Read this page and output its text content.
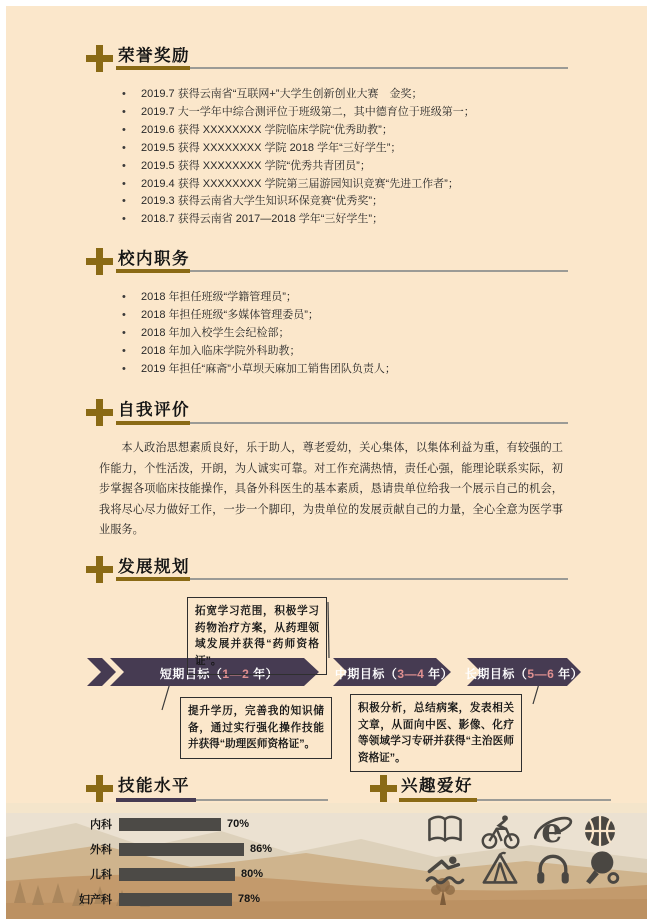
荣誉奖励
• 2019.7 获得云南省“互联网+”大学生创新创业大赛　金奖；
• 2019.7 大一学年中综合测评位于班级第二，其中德育位于班级第一；
• 2019.6 获得 XXXXXXXX 学院临床学院“优秀助教”；
• 2019.5 获得 XXXXXXXX 学院 2018 学年“三好学生”；
• 2019.5 获得 XXXXXXXX 学院“优秀共青团员”；
• 2019.4 获得 XXXXXXXX 学院第三届游园知识竞赛“先进工作者”；
• 2019.3 获得云南省大学生知识环保竞赛“优秀奖”；
• 2018.7 获得云南省 2017—2018 学年“三好学生”；
校内职务
• 2018 年担任班级“学籍管理员”；
• 2018 年担任班级“多媒体管理委员”；
• 2018 年加入校学生会纪检部；
• 2018 年加入临床学院外科助教；
• 2019 年担任“麻斋”小草坝天麻加工销售团队负责人；
自我评价

本人政治思想素质良好，乐于助人，尊老爱幼，关心集体，以集体利益为重，有较强的工作能力，个性活泼，开朗，为人诚实可靠。对工作充满热情，责任心强，能理论联系实际，初步掌握各项临床技能操作，具备外科医生的基本素质，恳请贵单位给我一个展示自己的机会，我将尽心尽力做好工作，一步一个脚印，为贵单位的发展贡献自己的力量，全心全意为医学事业服务。

发展规划
短期目标（1—2 年）	中期目标（3—4 年） 长期目标（5—6 年）
拓宽学习范围，积极学习药物治疗方案，从药理领域发展并获得“药师资格证”。
提升学历，完善我的知识储备，通过实行强化操作技能并获得“助理医师资格证”。
积极分析，总结病案，发表相关文章，从面向中医、影像、化疗等领域学习专研并获得“主治医师资格证”。
技能水平
内科	70%
外科	86%
儿科	80%
妇产科	78%
兴趣爱好
e
